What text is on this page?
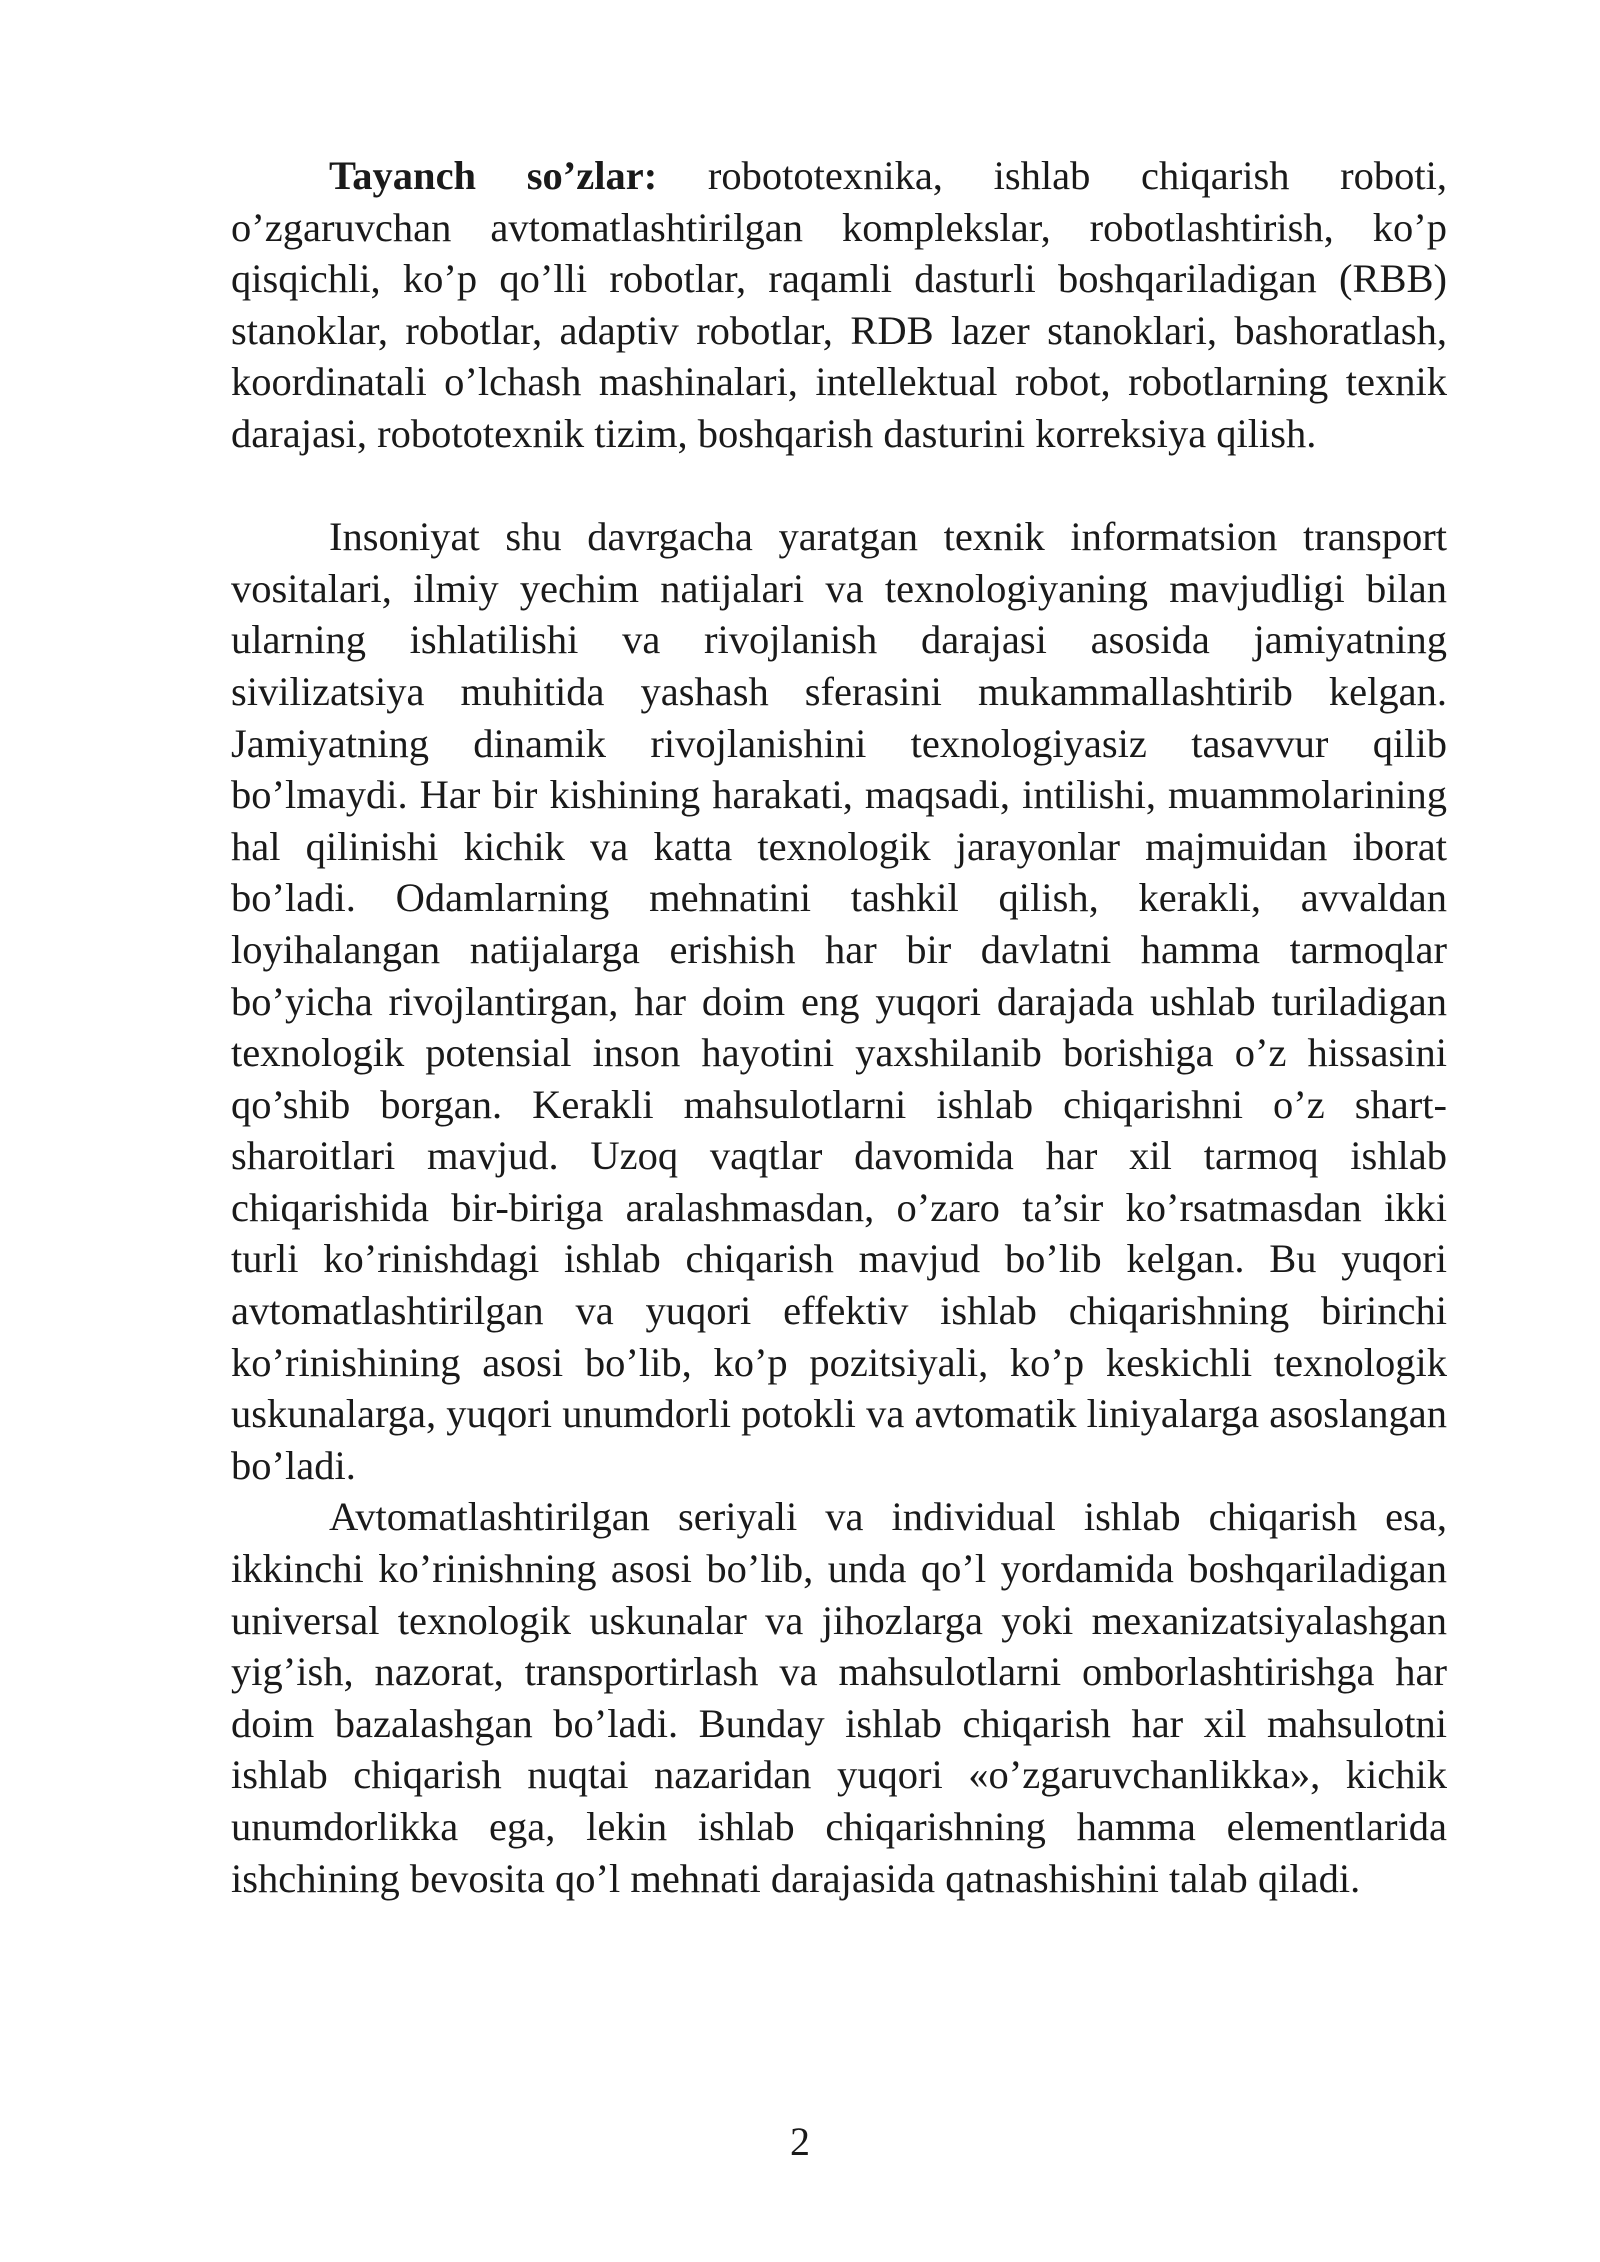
Tayanch so’zlar: robototexnika, ishlab chiqarish roboti, o’zgaruvchan avtomatlashtirilgan komplekslar, robotlashtirish, ko’p qisqichli, ko’p qo’lli robotlar, raqamli dasturli boshqariladigan (RBB) stanoklar, robotlar, adaptiv robotlar, RDB lazer stanoklari, bashoratlash, koordinatali o’lchash mashinalari, intellektual robot, robotlarning texnik darajasi, robototexnik tizim, boshqarish dasturini korreksiya qilish.

Insoniyat shu davrgacha yaratgan texnik informatsion transport vositalari, ilmiy yechim natijalari va texnologiyaning mavjudligi bilan ularning ishlatilishi va rivojlanish darajasi asosida jamiyatning sivilizatsiya muhitida yashash sferasini mukammallashtirib kelgan. Jamiyatning dinamik rivojlanishini texnologiyasiz tasavvur qilib bo’lmaydi. Har bir kishining harakati, maqsadi, intilishi, muammolarining hal qilinishi kichik va katta texnologik jarayonlar majmuidan iborat bo’ladi. Odamlarning mehnatini tashkil qilish, kerakli, avvaldan loyihalangan natijalarga erishish har bir davlatni hamma tarmoqlar bo’yicha rivojlantirgan, har doim eng yuqori darajada ushlab turiladigan texnologik potensial inson hayotini yaxshilanib borishiga o’z hissasini qo’shib borgan. Kerakli mahsulotlarni ishlab chiqarishni o’z shart-sharoitlari mavjud. Uzoq vaqtlar davomida har xil tarmoq ishlab chiqarishida bir-biriga aralashmasdan, o’zaro ta’sir ko’rsatmasdan ikki turli ko’rinishdagi ishlab chiqarish mavjud bo’lib kelgan. Bu yuqori avtomatlashtirilgan va yuqori effektiv ishlab chiqarishning birinchi ko’rinishining asosi bo’lib, ko’p pozitsiyali, ko’p keskichli texnologik uskunalarga, yuqori unumdorli potokli va avtomatik liniyalarga asoslangan bo’ladi.

Avtomatlashtirilgan seriyali va individual ishlab chiqarish esa, ikkinchi ko’rinishning asosi bo’lib, unda qo’l yordamida boshqariladigan universal texnologik uskunalar va jihozlarga yoki mexanizatsiyalashgan yig’ish, nazorat, transportirlash va mahsulotlarni omborlashtirishga har doim bazalashgan bo’ladi. Bunday ishlab chiqarish har xil mahsulotni ishlab chiqarish nuqtai nazaridan yuqori «o’zgaruvchanlikka», kichik unumdorlikka ega, lekin ishlab chiqarishning hamma elementlarida ishchining bevosita qo’l mehnati darajasida qatnashishini talab qiladi.

2
